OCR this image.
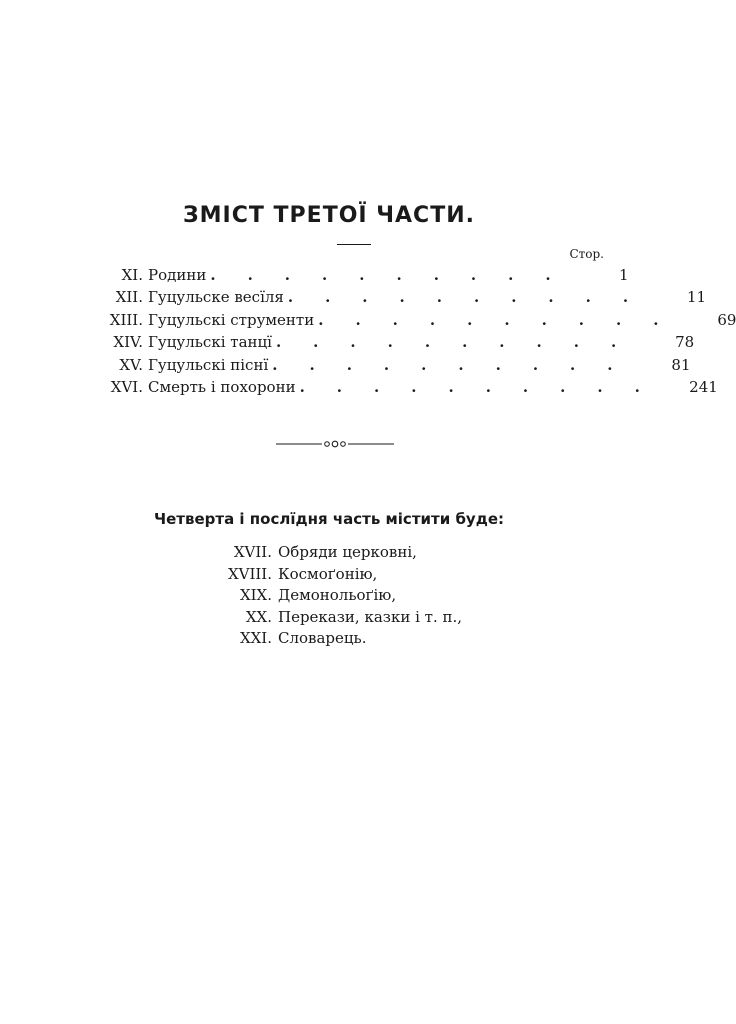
ЗМІСТ ТРЕТОЇ ЧАСТИ.
Стор.
XI. Родини ..........	1
XII. Гуцульске весїля ..........	11
XIII. Гуцульскі струменти ..........	69
XIV. Гуцульскі танцї ..........	78
XV. Гуцульскі піснї ..........	81
XVI. Смерть і похорони ..........	241
Четверта і послїдня часть містити буде:
XVII. Обряди церковні,
XVIII. Космоґонію,
XIX. Демонольоґію,
XX. Перекази, казки і т. п.,
XXI. Словарець.
